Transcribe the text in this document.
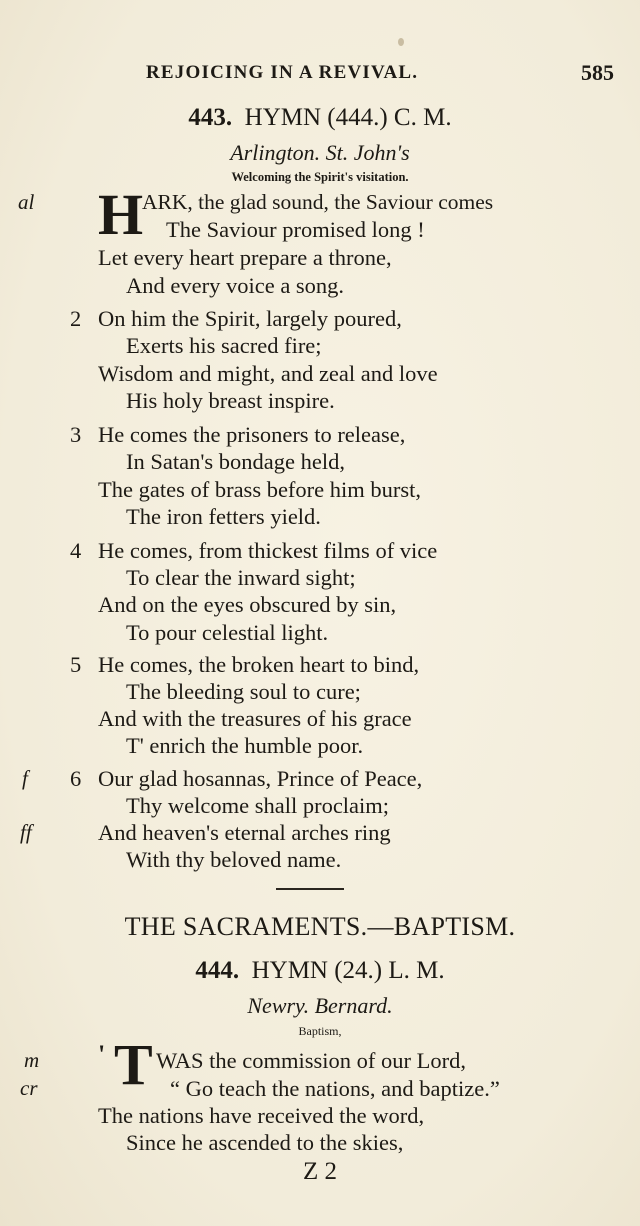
REJOICING IN A REVIVAL.	585
443. HYMN (444.) C. M.
Arlington. St. John's
Welcoming the Spirit's visitation.
al H
ARK, the glad sound, the Saviour comes
The Saviour promised long !
Let every heart prepare a throne,
And every voice a song.
2 On him the Spirit, largely poured,
Exerts his sacred fire;
Wisdom and might, and zeal and love
His holy breast inspire.
3 He comes the prisoners to release,
In Satan's bondage held,
The gates of brass before him burst,
The iron fetters yield.
4 He comes, from thickest films of vice
To clear the inward sight;
And on the eyes obscured by sin,
To pour celestial light.
5 He comes, the broken heart to bind,
The bleeding soul to cure;
And with the treasures of his grace
T' enrich the humble poor.
f 6 Our glad hosannas, Prince of Peace,
Thy welcome shall proclaim;
ff	And heaven's eternal arches ring
With thy beloved name.
THE SACRAMENTS.—BAPTISM.
444. HYMN (24.) L. M.
Newry. Bernard.
Baptism,
m
cr
' T WAS the commission of our Lord,
“ Go teach the nations, and baptize.”
The nations have received the word,
Since he ascended to the skies,
Z 2
